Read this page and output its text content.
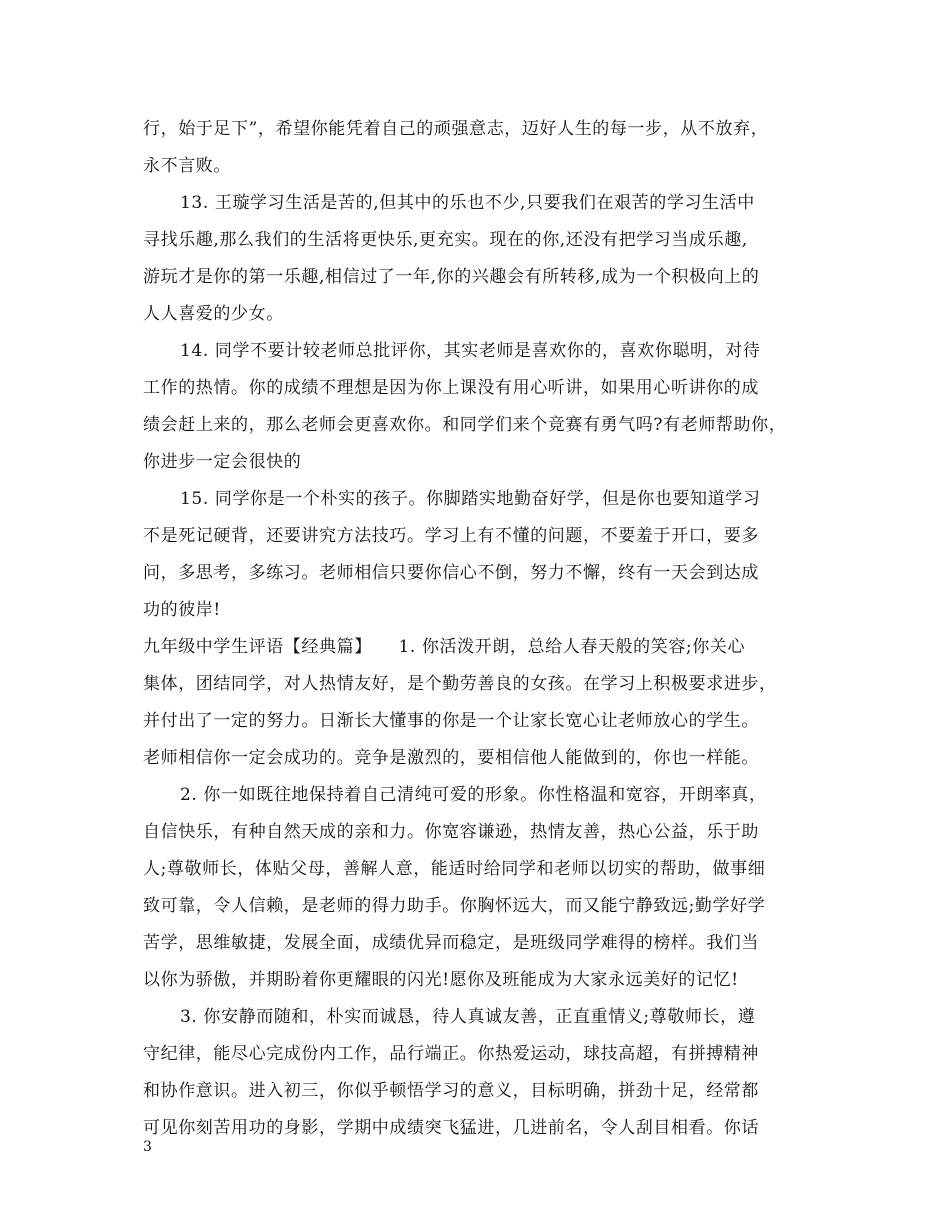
行，始于足下”，希望你能凭着自己的顽强意志，迈好人生的每一步，从不放弃，
永不言败。
13. 王璇学习生活是苦的,但其中的乐也不少,只要我们在艰苦的学习生活中
寻找乐趣,那么我们的生活将更快乐,更充实。现在的你,还没有把学习当成乐趣,
游玩才是你的第一乐趣,相信过了一年,你的兴趣会有所转移,成为一个积极向上的
人人喜爱的少女。
14. 同学不要计较老师总批评你，其实老师是喜欢你的，喜欢你聪明，对待
工作的热情。你的成绩不理想是因为你上课没有用心听讲，如果用心听讲你的成
绩会赶上来的，那么老师会更喜欢你。和同学们来个竞赛有勇气吗?有老师帮助你，
你进步一定会很快的
15. 同学你是一个朴实的孩子。你脚踏实地勤奋好学，但是你也要知道学习
不是死记硬背，还要讲究方法技巧。学习上有不懂的问题，不要羞于开口，要多
问，多思考，多练习。老师相信只要你信心不倒，努力不懈，终有一天会到达成
功的彼岸!
九年级中学生评语【经典篇】　　1. 你活泼开朗，总给人春天般的笑容;你关心
集体，团结同学，对人热情友好，是个勤劳善良的女孩。在学习上积极要求进步，
并付出了一定的努力。日渐长大懂事的你是一个让家长宽心让老师放心的学生。
老师相信你一定会成功的。竞争是激烈的，要相信他人能做到的，你也一样能。
2. 你一如既往地保持着自己清纯可爱的形象。你性格温和宽容，开朗率真，
自信快乐，有种自然天成的亲和力。你宽容谦逊，热情友善，热心公益，乐于助
人;尊敬师长，体贴父母，善解人意，能适时给同学和老师以切实的帮助，做事细
致可靠，令人信赖，是老师的得力助手。你胸怀远大，而又能宁静致远;勤学好学
苦学，思维敏捷，发展全面，成绩优异而稳定，是班级同学难得的榜样。我们当
以你为骄傲，并期盼着你更耀眼的闪光!愿你及班能成为大家永远美好的记忆!
3. 你安静而随和，朴实而诚恳，待人真诚友善，正直重情义;尊敬师长，遵
守纪律，能尽心完成份内工作，品行端正。你热爱运动，球技高超，有拼搏精神
和协作意识。进入初三，你似乎顿悟学习的意义，目标明确，拼劲十足，经常都
可见你刻苦用功的身影，学期中成绩突飞猛进，几进前名，令人刮目相看。你话
3
